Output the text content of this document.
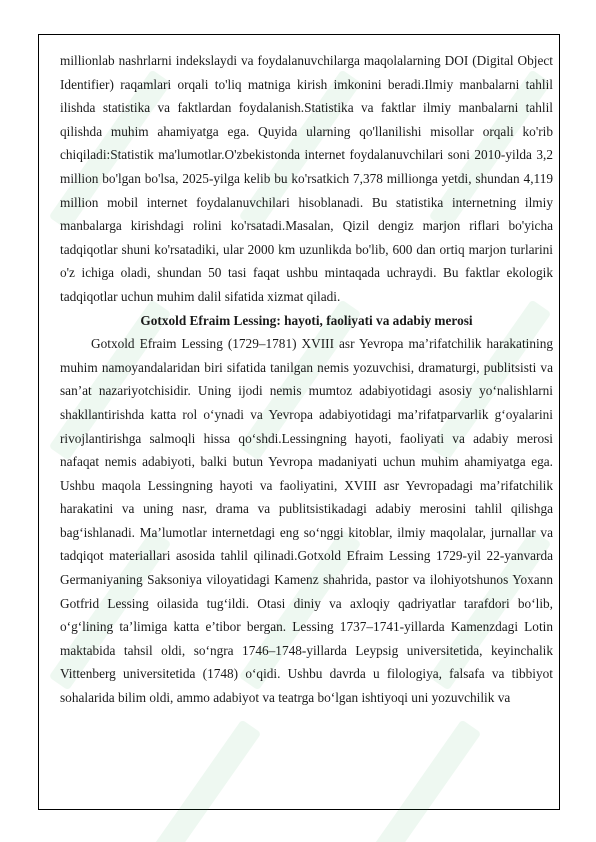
millionlab nashrlarni indekslaydi va foydalanuvchilarga maqolalarning DOI (Digital Object Identifier) raqamlari orqali to'liq matniga kirish imkonini beradi.Ilmiy manbalarni tahlil ilishda statistika va faktlardan foydalanish.Statistika va faktlar ilmiy manbalarni tahlil qilishda muhim ahamiyatga ega. Quyida ularning qo'llanilishi misollar orqali ko'rib chiqiladi:Statistik ma'lumotlar.O'zbekistonda internet foydalanuvchilari soni 2010-yilda 3,2 million bo'lgan bo'lsa, 2025-yilga kelib bu ko'rsatkich 7,378 millionga yetdi, shundan 4,119 million mobil internet foydalanuvchilari hisoblanadi. Bu statistika internetning ilmiy manbalarga kirishdagi rolini ko'rsatadi.Masalan, Qizil dengiz marjon riflari bo'yicha tadqiqotlar shuni ko'rsatadiki, ular 2000 km uzunlikda bo'lib, 600 dan ortiq marjon turlarini o'z ichiga oladi, shundan 50 tasi faqat ushbu mintaqada uchraydi. Bu faktlar ekologik tadqiqotlar uchun muhim dalil sifatida xizmat qiladi.

Gotxold Efraim Lessing: hayoti, faoliyati va adabiy merosi

Gotxold Efraim Lessing (1729–1781) XVIII asr Yevropa ma’rifatchilik harakatining muhim namoyandalaridan biri sifatida tanilgan nemis yozuvchisi, dramaturgi, publitsisti va san’at nazariyotchisidir. Uning ijodi nemis mumtoz adabiyotidagi asosiy yo‘nalishlarni shakllantirishda katta rol o‘ynadi va Yevropa adabiyotidagi ma’rifatparvarlik g‘oyalarini rivojlantirishga salmoqli hissa qo‘shdi.Lessingning hayoti, faoliyati va adabiy merosi nafaqat nemis adabiyoti, balki butun Yevropa madaniyati uchun muhim ahamiyatga ega. Ushbu maqola Lessingning hayoti va faoliyatini, XVIII asr Yevropadagi ma’rifatchilik harakatini va uning nasr, drama va publitsistikadagi adabiy merosini tahlil qilishga bag‘ishlanadi. Ma’lumotlar internetdagi eng so‘nggi kitoblar, ilmiy maqolalar, jurnallar va tadqiqot materiallari asosida tahlil qilinadi.Gotxold Efraim Lessing 1729-yil 22-yanvarda Germaniyaning Saksoniya viloyatidagi Kamenz shahrida, pastor va ilohiyotshunos Yoxann Gotfrid Lessing oilasida tug‘ildi. Otasi diniy va axloqiy qadriyatlar tarafdori bo‘lib, o‘g‘lining ta’limiga katta e’tibor bergan. Lessing 1737–1741-yillarda Kamenzdagi Lotin maktabida tahsil oldi, so‘ngra 1746–1748-yillarda Leypsig universitetida, keyinchalik Vittenberg universitetida (1748) o‘qidi. Ushbu davrda u filologiya, falsafa va tibbiyot sohalarida bilim oldi, ammo adabiyot va teatrga bo‘lgan ishtiyoqi uni yozuvchilik va
